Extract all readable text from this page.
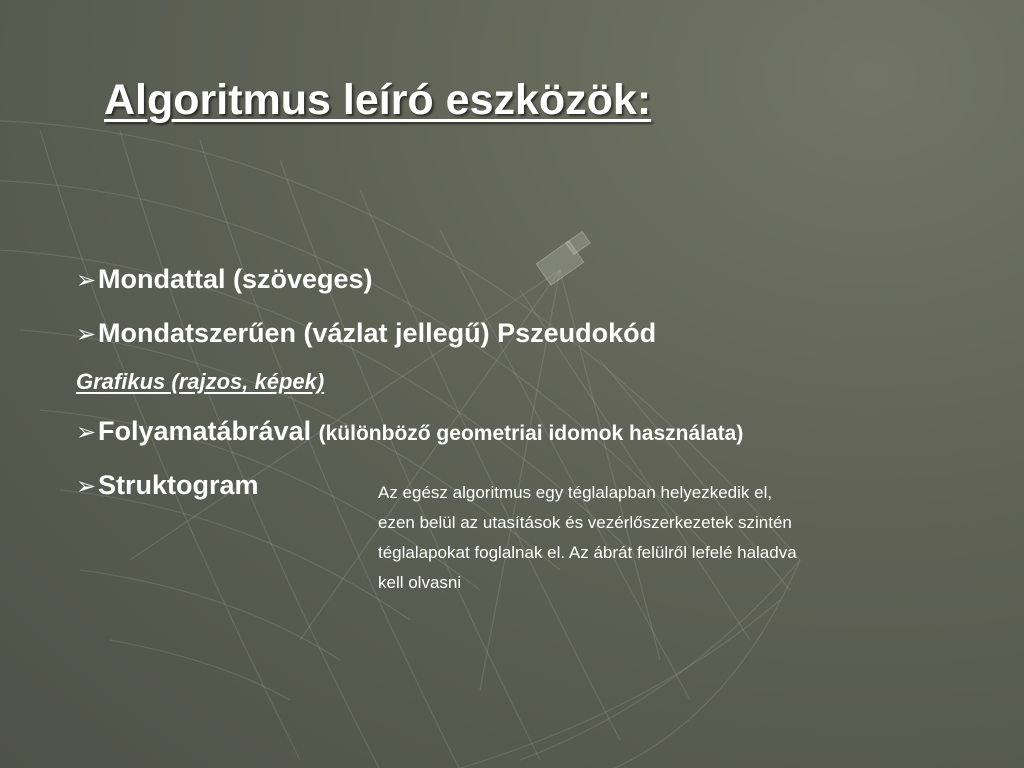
Algoritmus leíró eszközök:
➢Mondattal (szöveges)
➢Mondatszerűen (vázlat jellegű) Pszeudokód
Grafikus (rajzos, képek)
➢Folyamatábrával (különböző geometriai idomok használata)
➢Struktogram	Az egész algoritmus egy téglalapban helyezkedik el,
ezen belül az utasítások és vezérlőszerkezetek szintén
téglalapokat foglalnak el. Az ábrát felülről lefelé haladva
kell olvasni
